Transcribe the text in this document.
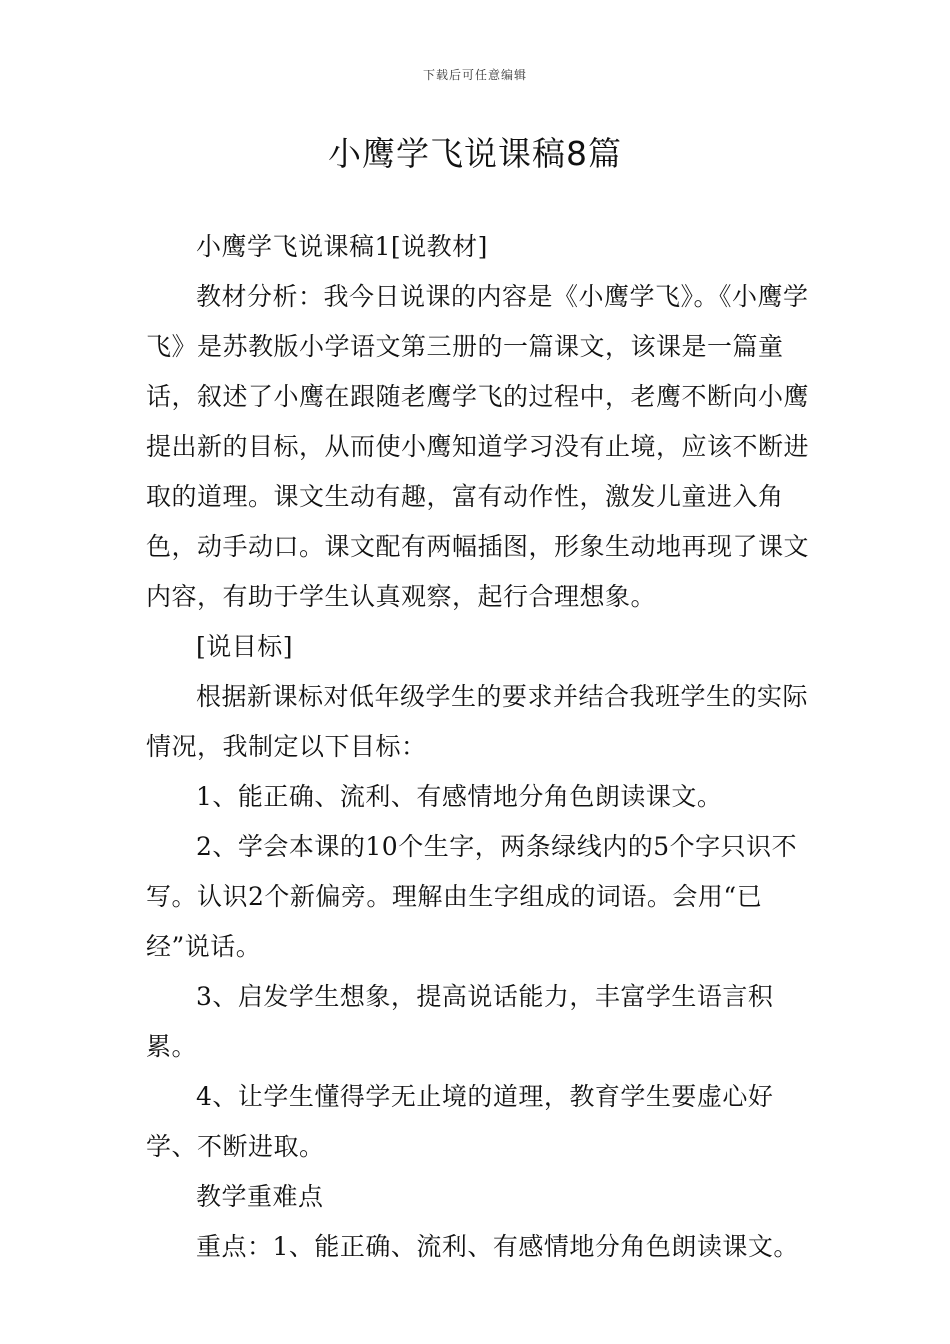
下载后可任意编辑
小鹰学飞说课稿8篇

小鹰学飞说课稿1[说教材]

教材分析：我今日说课的内容是《小鹰学飞》。《小鹰学飞》是苏教版小学语文第三册的一篇课文，该课是一篇童话，叙述了小鹰在跟随老鹰学飞的过程中，老鹰不断向小鹰提出新的目标，从而使小鹰知道学习没有止境，应该不断进取的道理。课文生动有趣，富有动作性，激发儿童进入角色，动手动口。课文配有两幅插图，形象生动地再现了课文内容，有助于学生认真观察，起行合理想象。

[说目标]

根据新课标对低年级学生的要求并结合我班学生的实际情况，我制定以下目标：

1、能正确、流利、有感情地分角色朗读课文。

2、学会本课的10个生字，两条绿线内的5个字只识不写。认识2个新偏旁。理解由生字组成的词语。会用“已经”说话。

3、启发学生想象，提高说话能力，丰富学生语言积累。

4、让学生懂得学无止境的道理，教育学生要虚心好学、不断进取。

教学重难点

重点：1、能正确、流利、有感情地分角色朗读课文。
